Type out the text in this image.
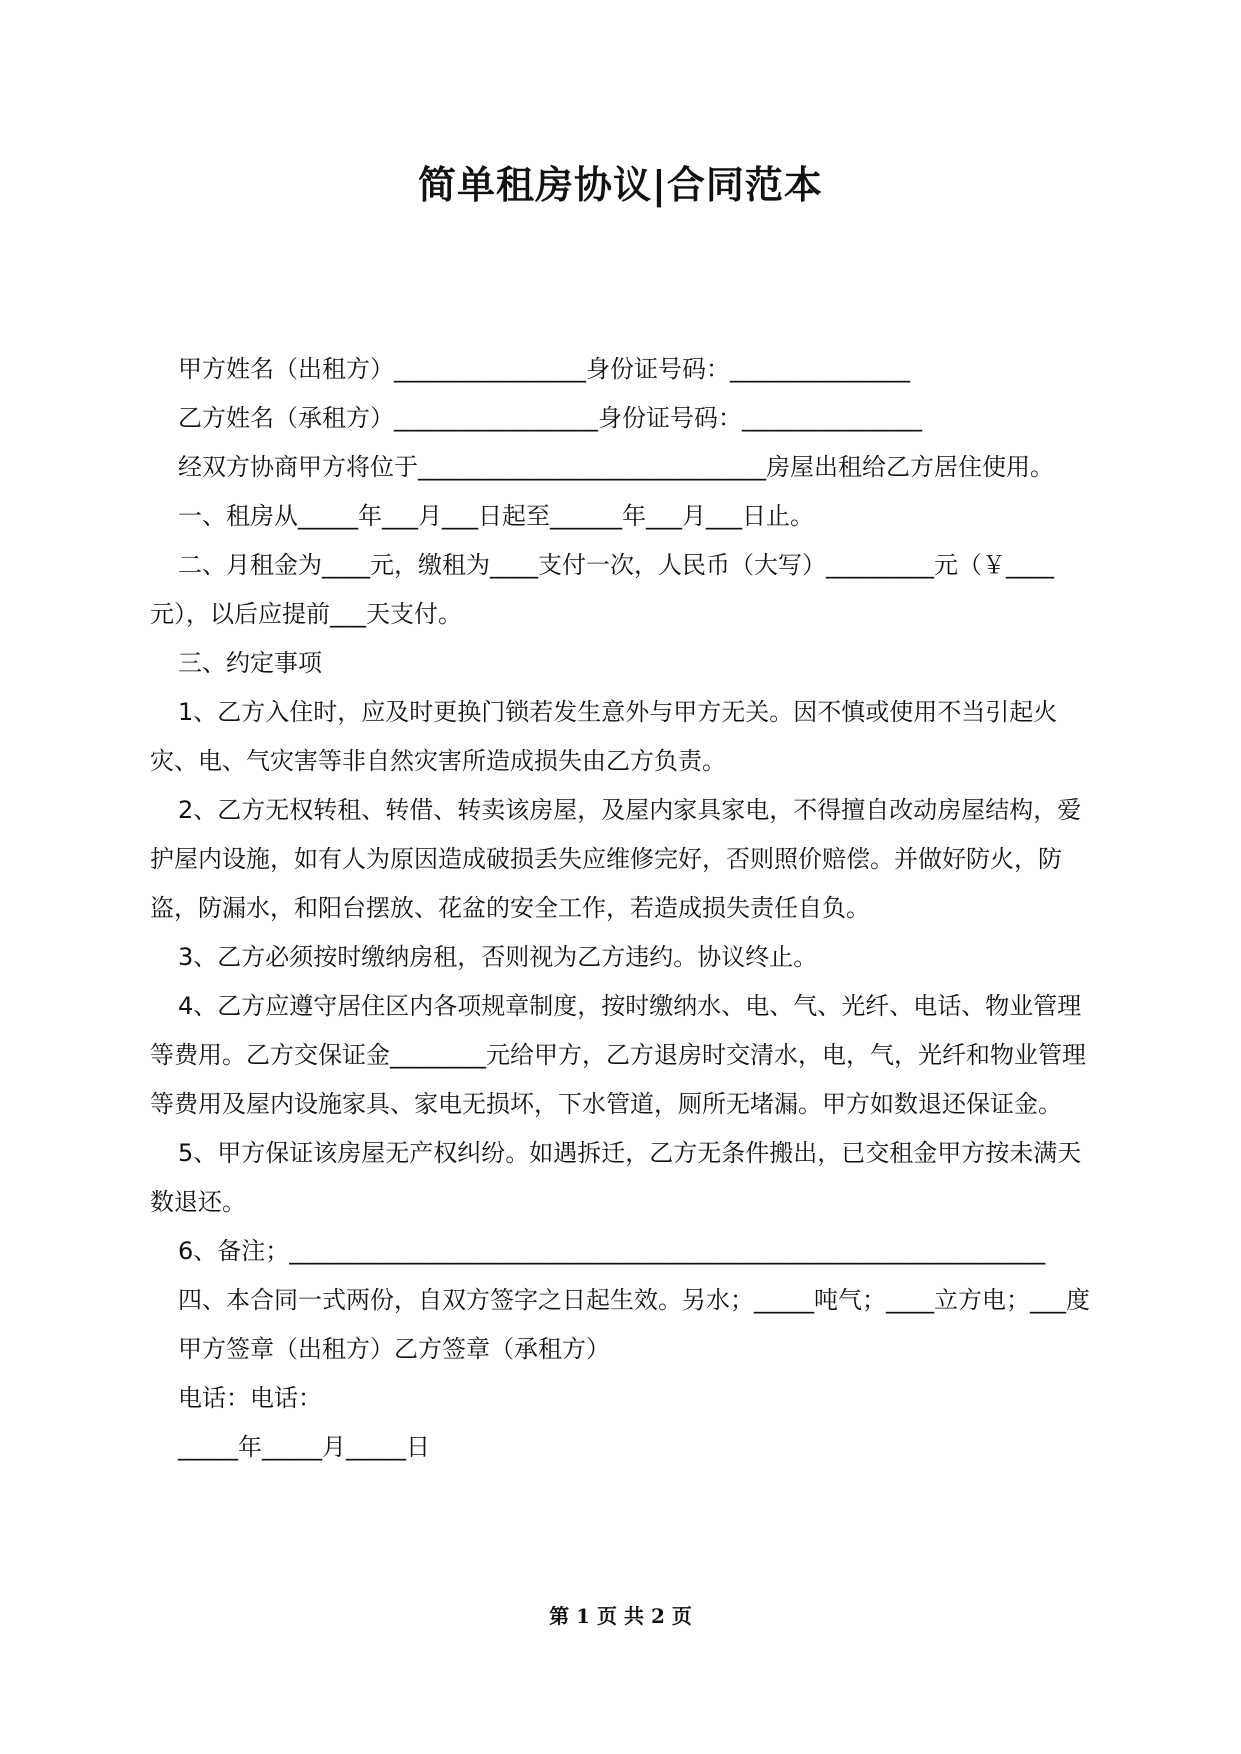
简单租房协议|合同范本

甲方姓名（出租方）________________身份证号码：_______________

乙方姓名（承租方）_________________身份证号码：_______________

经双方协商甲方将位于_____________________________房屋出租给乙方居住使用。

一、租房从_____年___月___日起至______年___月___日止。

二、月租金为____元，缴租为____支付一次，人民币（大写）_________元（￥____元），以后应提前___天支付。

三、约定事项

1、乙方入住时，应及时更换门锁若发生意外与甲方无关。因不慎或使用不当引起火灾、电、气灾害等非自然灾害所造成损失由乙方负责。

2、乙方无权转租、转借、转卖该房屋，及屋内家具家电，不得擅自改动房屋结构，爱护屋内设施，如有人为原因造成破损丢失应维修完好，否则照价赔偿。并做好防火，防盗，防漏水，和阳台摆放、花盆的安全工作，若造成损失责任自负。

3、乙方必须按时缴纳房租，否则视为乙方违约。协议终止。

4、乙方应遵守居住区内各项规章制度，按时缴纳水、电、气、光纤、电话、物业管理等费用。乙方交保证金________元给甲方，乙方退房时交清水，电，气，光纤和物业管理等费用及屋内设施家具、家电无损坏，下水管道，厕所无堵漏。甲方如数退还保证金。

5、甲方保证该房屋无产权纠纷。如遇拆迁，乙方无条件搬出，已交租金甲方按未满天数退还。

6、备注；_______________________________________________________________

四、本合同一式两份，自双方签字之日起生效。另水；_____吨气；____立方电；___度

甲方签章（出租方）乙方签章（承租方）

电话：电话：

_____年_____月_____日

第 1 页 共 2 页
